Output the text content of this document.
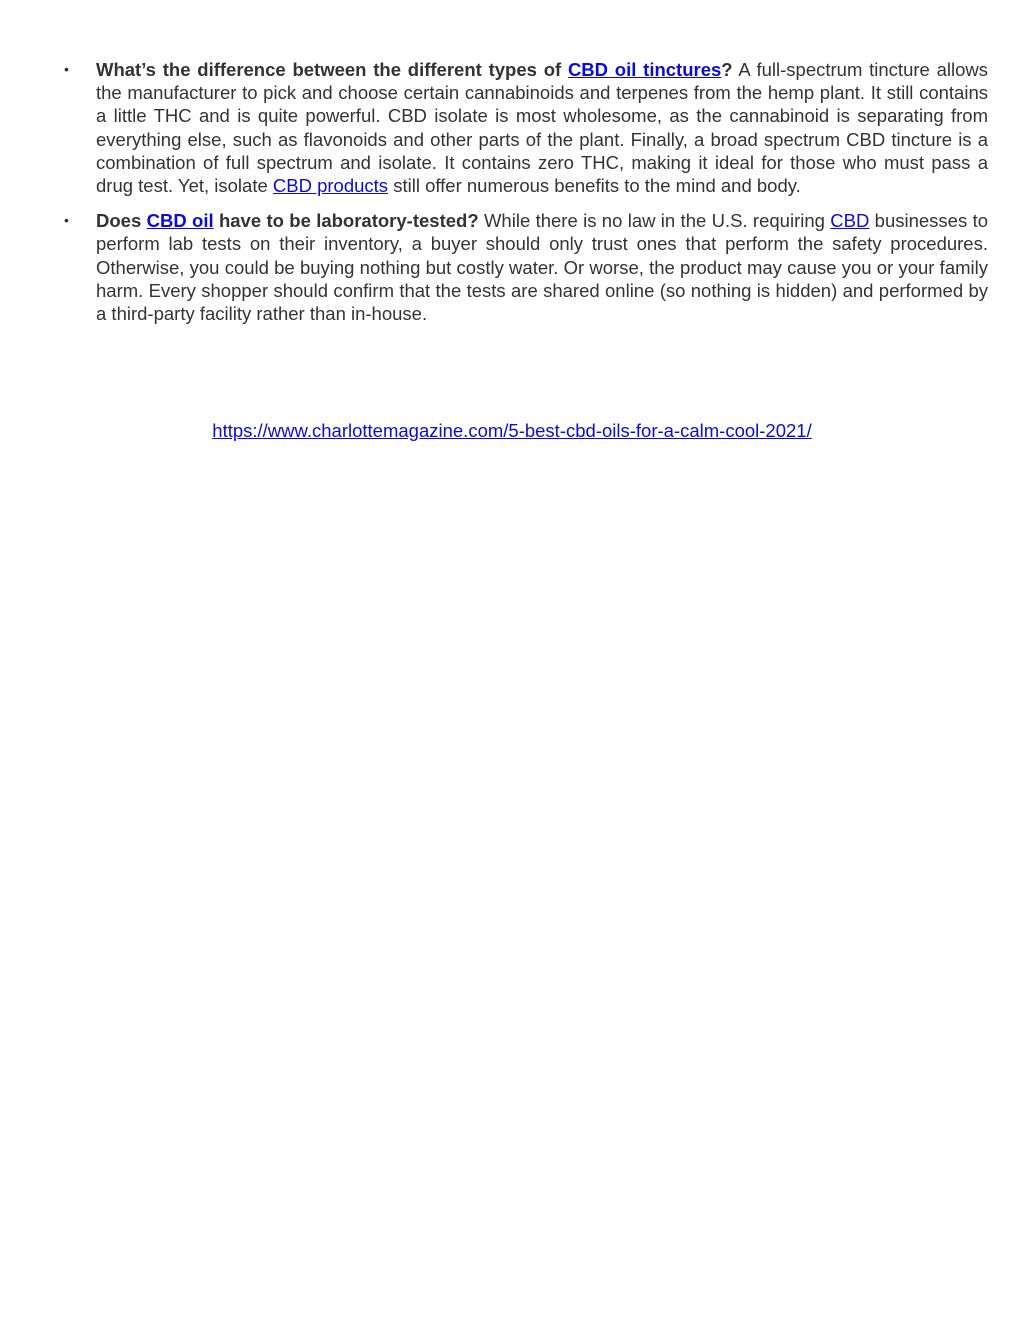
• What’s the difference between the different types of CBD oil tinctures? A full-spectrum tincture allows the manufacturer to pick and choose certain cannabinoids and terpenes from the hemp plant. It still contains a little THC and is quite powerful. CBD isolate is most wholesome, as the cannabinoid is separating from everything else, such as flavonoids and other parts of the plant. Finally, a broad spectrum CBD tincture is a combination of full spectrum and isolate. It contains zero THC, making it ideal for those who must pass a drug test. Yet, isolate CBD products still offer numerous benefits to the mind and body.
• Does CBD oil have to be laboratory-tested? While there is no law in the U.S. requiring CBD businesses to perform lab tests on their inventory, a buyer should only trust ones that perform the safety procedures. Otherwise, you could be buying nothing but costly water. Or worse, the product may cause you or your family harm. Every shopper should confirm that the tests are shared online (so nothing is hidden) and performed by a third-party facility rather than in-house.
https://www.charlottemagazine.com/5-best-cbd-oils-for-a-calm-cool-2021/
